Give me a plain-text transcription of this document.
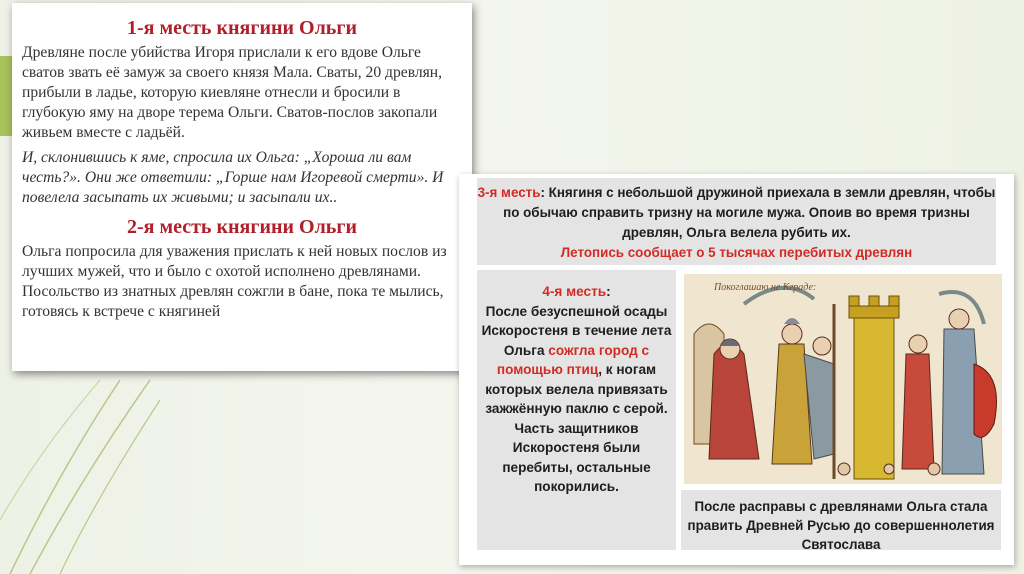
1-я месть княгини Ольги

Древляне после убийства Игоря прислали к его вдове Ольге сватов звать её замуж за своего князя Мала. Сваты, 20 древлян, прибыли в ладье, которую киевляне отнесли и бросили в глубокую яму на дворе терема Ольги. Сватов-послов закопали живьем вместе с ладьёй.

И, склонившись к яме, спросила их Ольга: „Хороша ли вам честь?». Они же ответили: „Горше нам Игоревой смерти». И повелела засыпать их живыми; и засыпали их..

2-я месть княгини Ольги

Ольга попросила для уважения прислать к ней новых послов из лучших мужей, что и было с охотой исполнено древлянами. Посольство из знатных древлян сожгли в бане, пока те мылись, готовясь к встрече с княгиней

3-я месть: Княгиня с небольшой дружиной приехала в земли древлян, чтобы по обычаю справить тризну на могиле мужа. Опоив во время тризны древлян, Ольга велела рубить их.
Летопись сообщает о 5 тысячах перебитых древлян
4-я месть:
После безуспешной осады Искоростеня в течение лета Ольга сожгла город с помощью птиц, к ногам которых велела привязать зажжённую паклю с серой. Часть защитников Искоростеня были перебиты, остальные покорились.
Покоглашаю не Кграде:
После расправы с древлянами Ольга стала править Древней Русью до совершеннолетия Святослава
